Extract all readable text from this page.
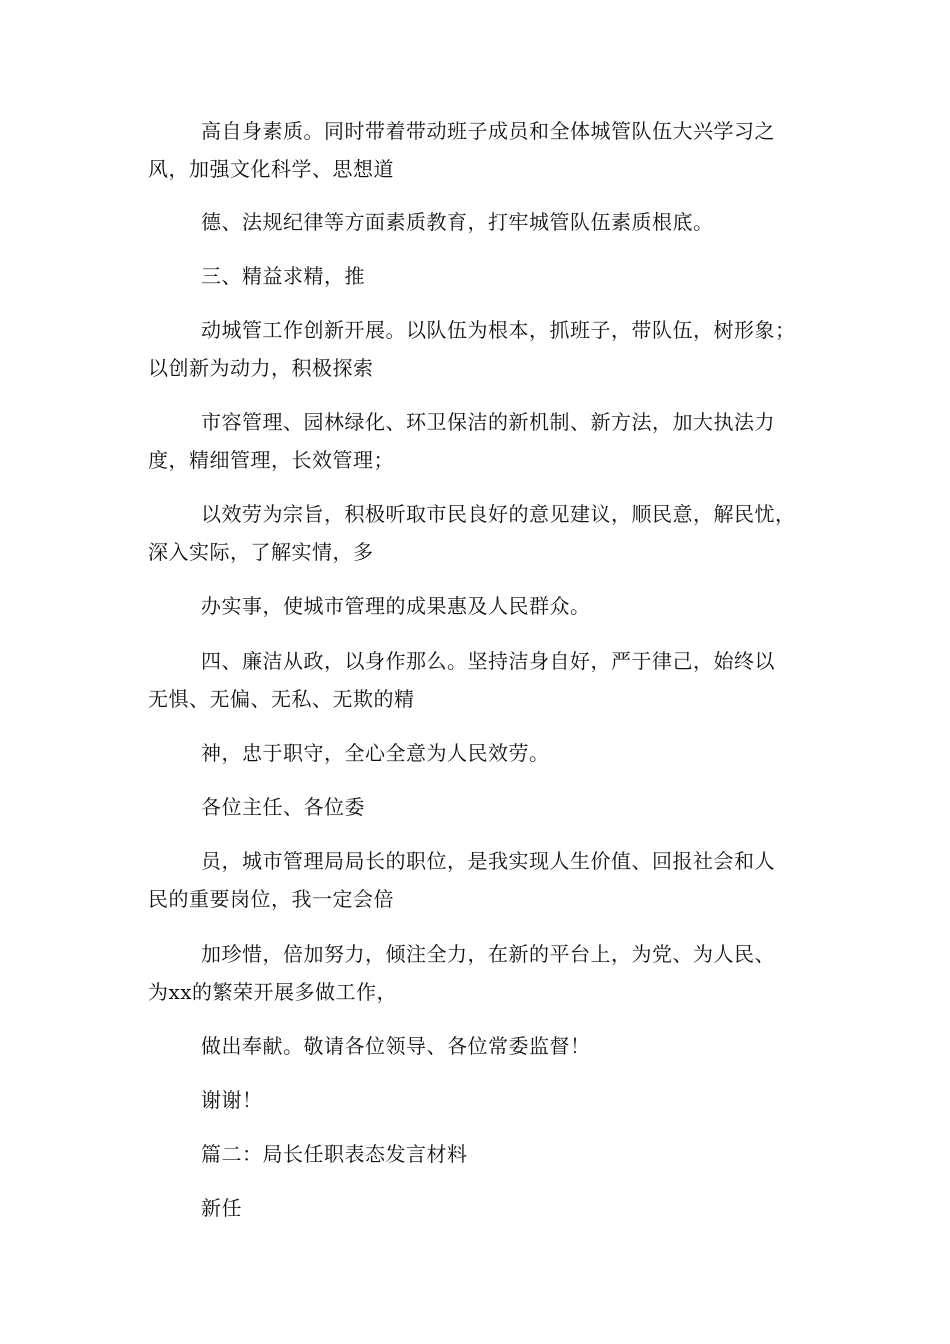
高自身素质。同时带着带动班子成员和全体城管队伍大兴学习之
风，加强文化科学、思想道

德、法规纪律等方面素质教育，打牢城管队伍素质根底。

三、精益求精，推

动城管工作创新开展。以队伍为根本，抓班子，带队伍，树形象；
以创新为动力，积极探索

市容管理、园林绿化、环卫保洁的新机制、新方法，加大执法力
度，精细管理，长效管理；

以效劳为宗旨，积极听取市民良好的意见建议，顺民意，解民忧，
深入实际，了解实情，多

办实事，使城市管理的成果惠及人民群众。

四、廉洁从政，以身作那么。坚持洁身自好，严于律己，始终以
无惧、无偏、无私、无欺的精

神，忠于职守，全心全意为人民效劳。

各位主任、各位委

员，城市管理局局长的职位，是我实现人生价值、回报社会和人
民的重要岗位，我一定会倍

加珍惜，倍加努力，倾注全力，在新的平台上，为党、为人民、
为xx的繁荣开展多做工作，

做出奉献。敬请各位领导、各位常委监督！

谢谢！

篇二：局长任职表态发言材料

新任
